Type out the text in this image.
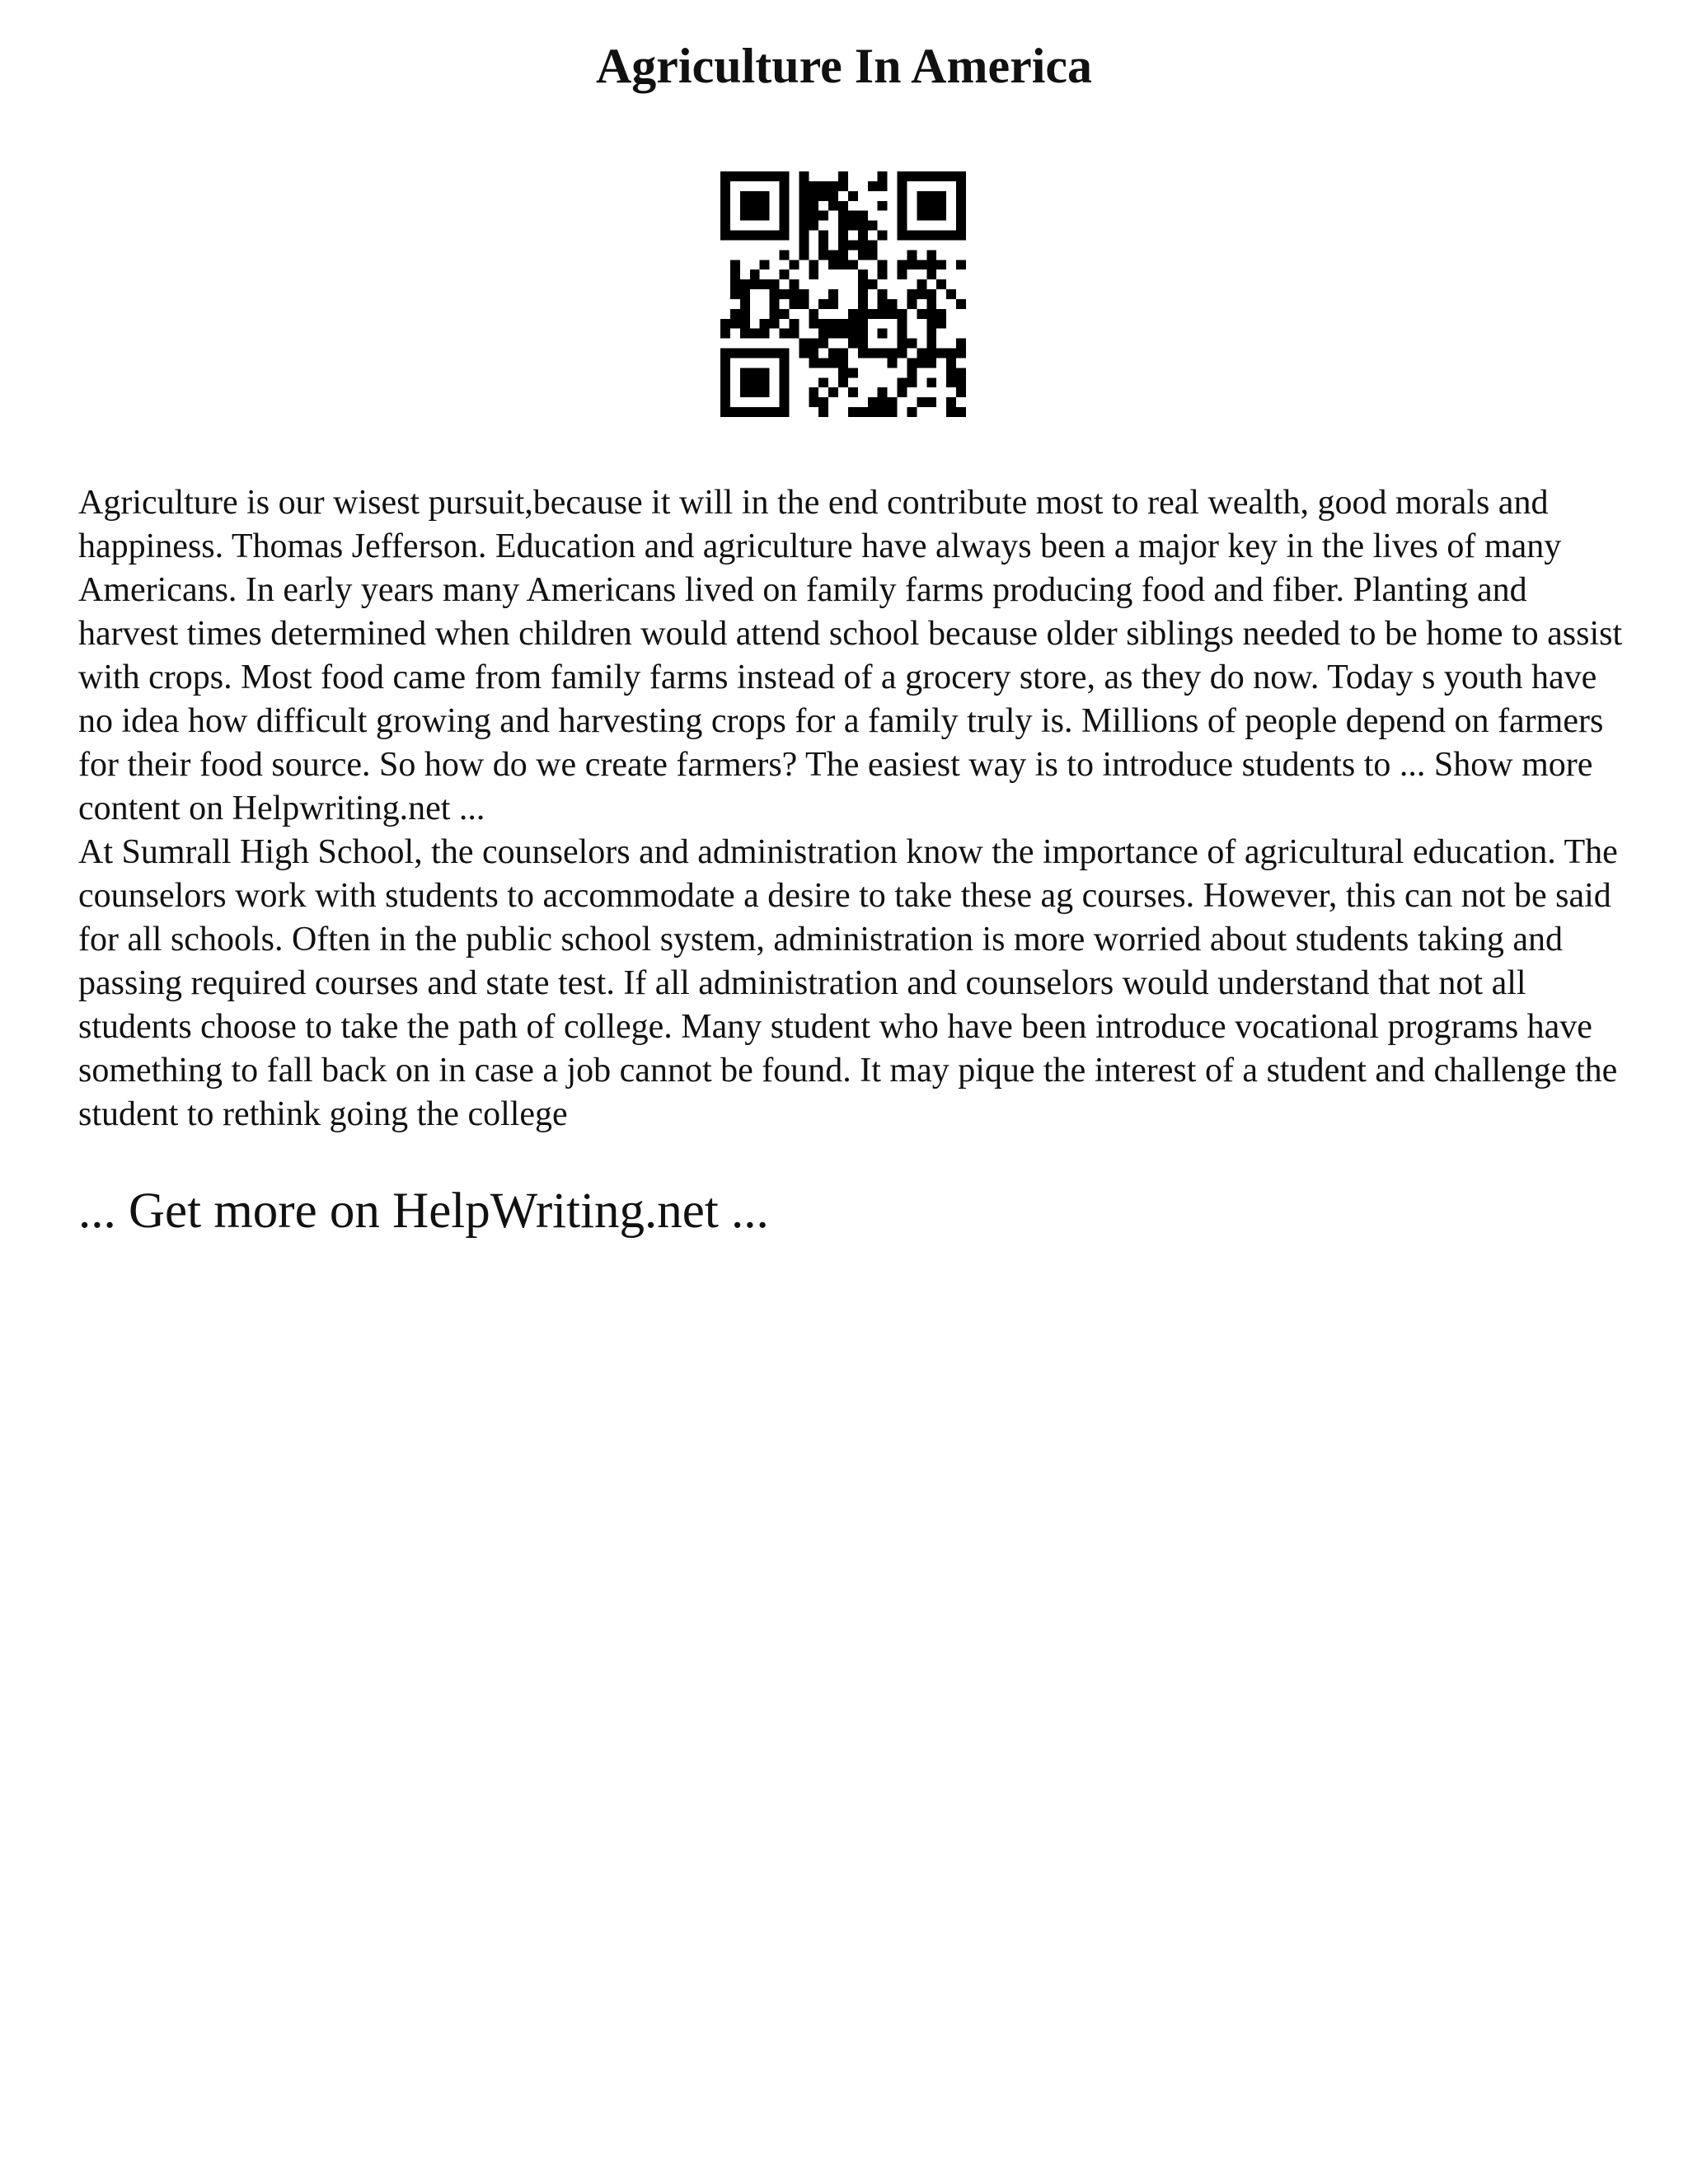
Agriculture In America

Agriculture is our wisest pursuit,because it will in the end contribute most to real wealth, good morals and happiness. Thomas Jefferson. Education and agriculture have always been a major key in the lives of many Americans. In early years many Americans lived on family farms producing food and fiber. Planting and harvest times determined when children would attend school because older siblings needed to be home to assist with crops. Most food came from family farms instead of a grocery store, as they do now. Today s youth have no idea how difficult growing and harvesting crops for a family truly is. Millions of people depend on farmers for their food source. So how do we create farmers? The easiest way is to introduce students to ... Show more content on Helpwriting.net ...

At Sumrall High School, the counselors and administration know the importance of agricultural education. The counselors work with students to accommodate a desire to take these ag courses. However, this can not be said for all schools. Often in the public school system, administration is more worried about students taking and passing required courses and state test. If all administration and counselors would understand that not all students choose to take the path of college. Many student who have been introduce vocational programs have something to fall back on in case a job cannot be found. It may pique the interest of a student and challenge the student to rethink going the college

... Get more on HelpWriting.net ...
